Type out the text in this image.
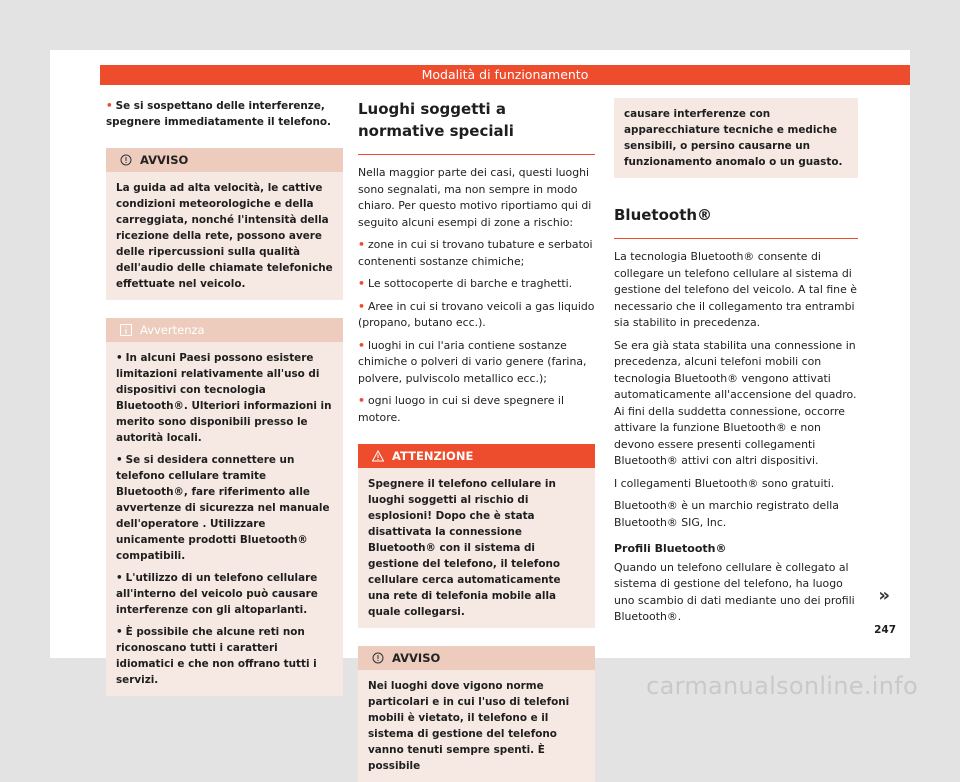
Modalità di funzionamento

• Se si sospettano delle interferenze, spegnere immediatamente il telefono.

AVVISO
La guida ad alta velocità, le cattive condizioni meteorologiche e della carreggiata, nonché l'intensità della ricezione della rete, possono avere delle ripercussioni sulla qualità dell'audio delle chiamate telefoniche effettuate nel veicolo.
Avvertenza

• In alcuni Paesi possono esistere limitazioni relativamente all'uso di dispositivi con tecnologia Bluetooth®. Ulteriori informazioni in merito sono disponibili presso le autorità locali.

• Se si desidera connettere un telefono cellulare tramite Bluetooth®, fare riferimento alle avvertenze di sicurezza nel manuale dell'operatore . Utilizzare unicamente prodotti Bluetooth® compatibili.

• L'utilizzo di un telefono cellulare all'interno del veicolo può causare interferenze con gli altoparlanti.

• È possibile che alcune reti non riconoscano tutti i caratteri idiomatici e che non offrano tutti i servizi.

Luoghi soggetti a normative speciali

Nella maggior parte dei casi, questi luoghi sono segnalati, ma non sempre in modo chiaro. Per questo motivo riportiamo qui di seguito alcuni esempi di zone a rischio:

• zone in cui si trovano tubature e serbatoi contenenti sostanze chimiche;

• Le sottocoperte di barche e traghetti.

• Aree in cui si trovano veicoli a gas liquido (propano, butano ecc.).

• luoghi in cui l'aria contiene sostanze chimiche o polveri di vario genere (farina, polvere, pulviscolo metallico ecc.);

• ogni luogo in cui si deve spegnere il motore.

ATTENZIONE
Spegnere il telefono cellulare in luoghi soggetti al rischio di esplosioni! Dopo che è stata disattivata la connessione Bluetooth® con il sistema di gestione del telefono, il telefono cellulare cerca automaticamente una rete di telefonia mobile alla quale collegarsi.
AVVISO
Nei luoghi dove vigono norme particolari e in cui l'uso di telefoni mobili è vietato, il telefono e il sistema di gestione del telefono vanno tenuti sempre spenti. È possibile
causare interferenze con apparecchiature tecniche e mediche sensibili, o persino causarne un funzionamento anomalo o un guasto.
Bluetooth®

La tecnologia Bluetooth® consente di collegare un telefono cellulare al sistema di gestione del telefono del veicolo. A tal fine è necessario che il collegamento tra entrambi sia stabilito in precedenza.

Se era già stata stabilita una connessione in precedenza, alcuni telefoni mobili con tecnologia Bluetooth® vengono attivati automaticamente all'accensione del quadro. Ai fini della suddetta connessione, occorre attivare la funzione Bluetooth® e non devono essere presenti collegamenti Bluetooth® attivi con altri dispositivi.

I collegamenti Bluetooth® sono gratuiti.

Bluetooth® è un marchio registrato della Bluetooth® SIG, Inc.

Profili Bluetooth®

Quando un telefono cellulare è collegato al sistema di gestione del telefono, ha luogo uno scambio di dati mediante uno dei profili Bluetooth®.

»
247
carmanualsonline.info
